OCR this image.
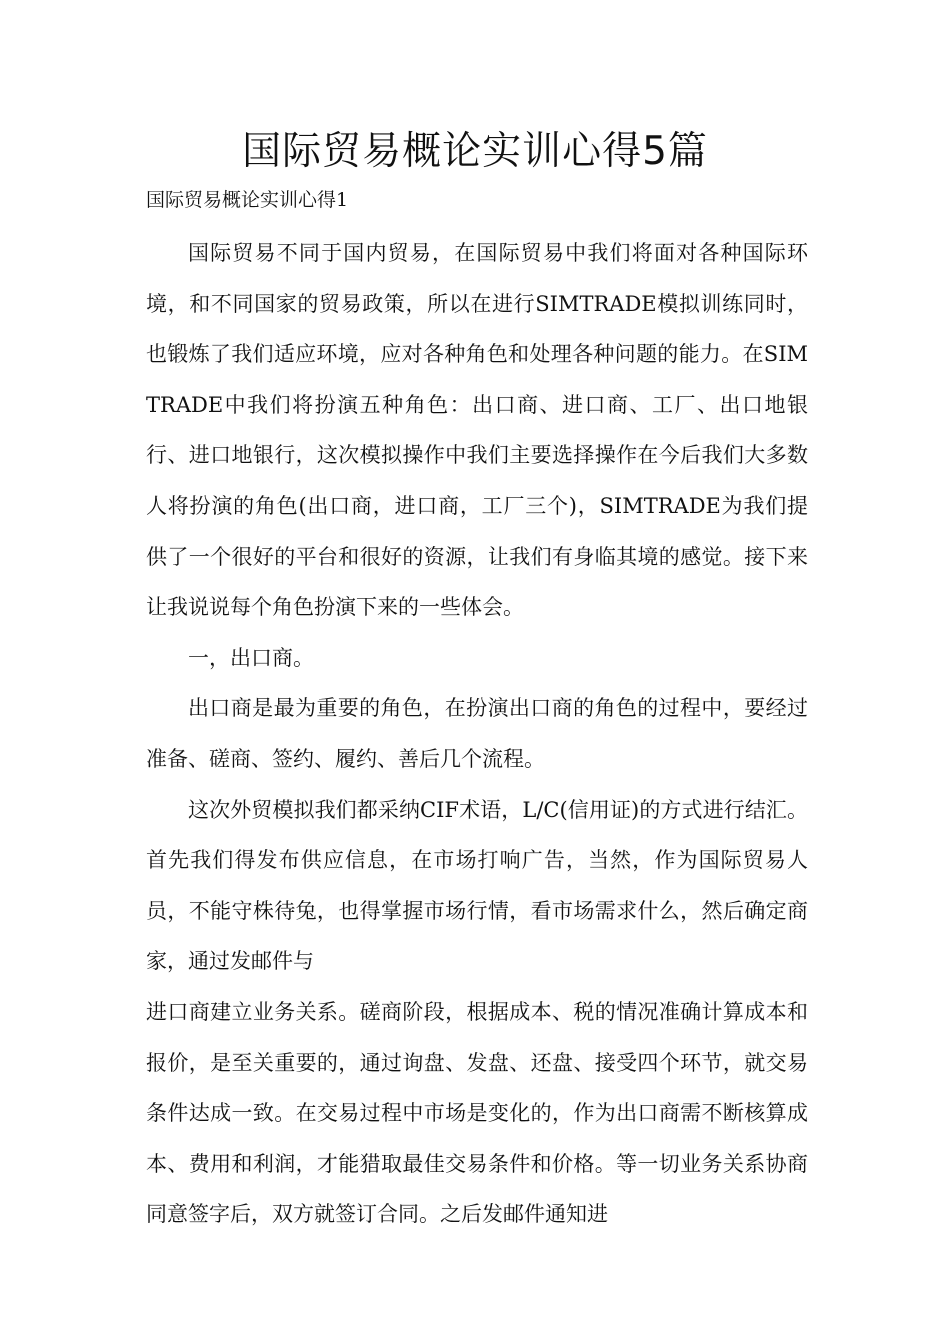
国际贸易概论实训心得5篇

国际贸易概论实训心得1

国际贸易不同于国内贸易，在国际贸易中我们将面对各种国际环境，和不同国家的贸易政策，所以在进行SIMTRADE模拟训练同时，也锻炼了我们适应环境，应对各种角色和处理各种问题的能力。在SIMTRADE中我们将扮演五种角色：出口商、进口商、工厂、出口地银行、进口地银行，这次模拟操作中我们主要选择操作在今后我们大多数人将扮演的角色(出口商，进口商，工厂三个)，SIMTRADE为我们提供了一个很好的平台和很好的资源，让我们有身临其境的感觉。接下来让我说说每个角色扮演下来的一些体会。

一，出口商。

出口商是最为重要的角色，在扮演出口商的角色的过程中，要经过准备、磋商、签约、履约、善后几个流程。

这次外贸模拟我们都采纳CIF术语，L/C(信用证)的方式进行结汇。首先我们得发布供应信息，在市场打响广告，当然，作为国际贸易人员，不能守株待兔，也得掌握市场行情，看市场需求什么，然后确定商家，通过发邮件与

进口商建立业务关系。磋商阶段，根据成本、税的情况准确计算成本和报价，是至关重要的，通过询盘、发盘、还盘、接受四个环节，就交易条件达成一致。在交易过程中市场是变化的，作为出口商需不断核算成本、费用和利润，才能猎取最佳交易条件和价格。等一切业务关系协商同意签字后，双方就签订合同。之后发邮件通知进
